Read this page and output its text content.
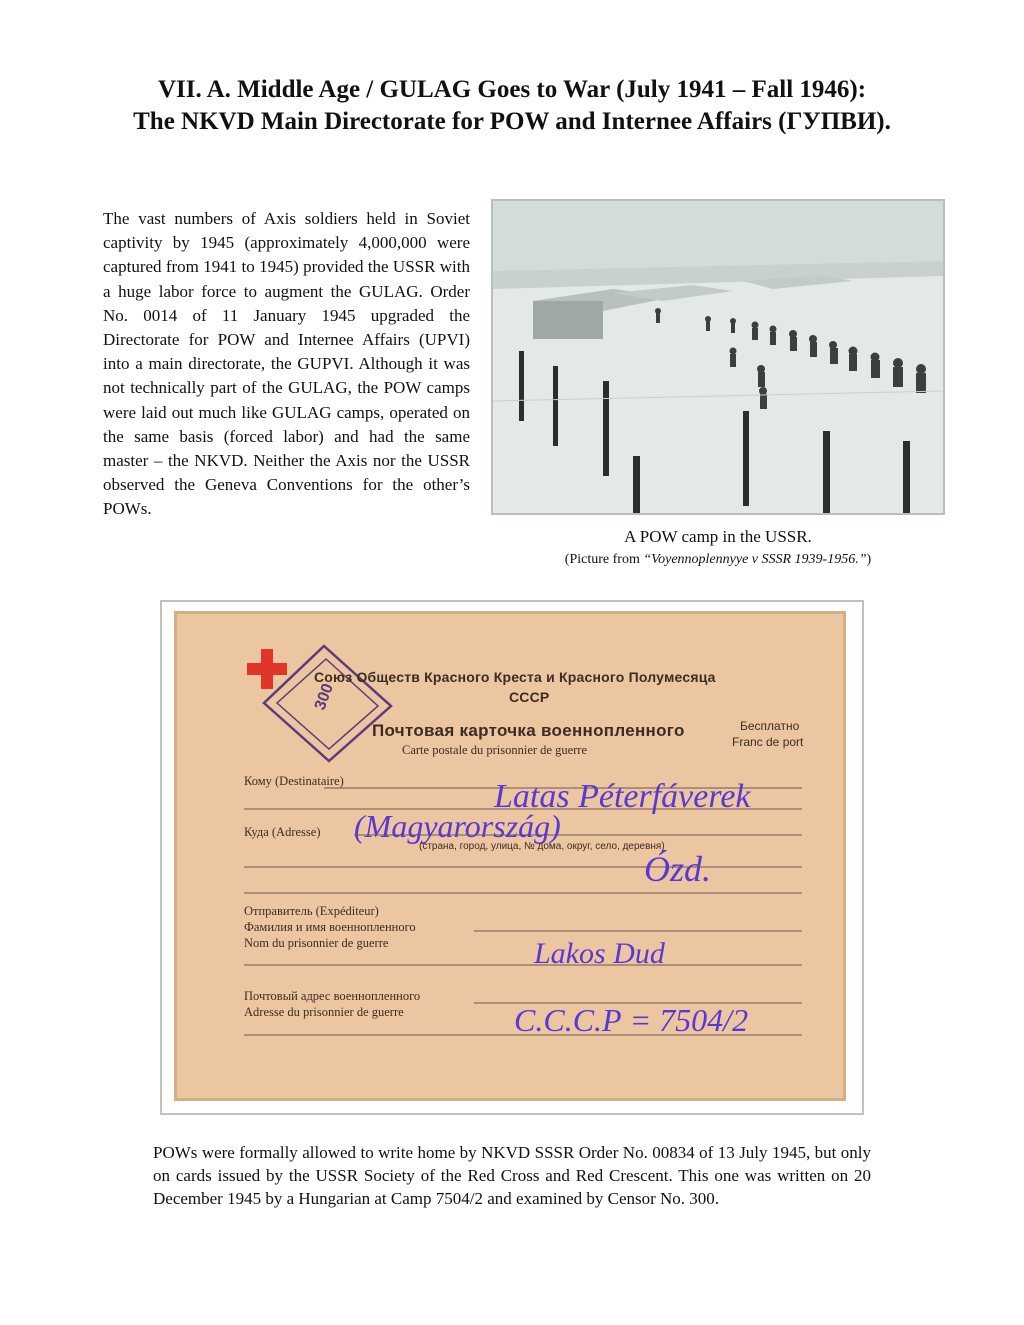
VII. A. Middle Age / GULAG Goes to War (July 1941 – Fall 1946):
The NKVD Main Directorate for POW and Internee Affairs (ГУПВИ).
The vast numbers of Axis soldiers held in Soviet captivity by 1945 (approximately 4,000,000 were captured from 1941 to 1945) provided the USSR with a huge labor force to augment the GULAG. Order No. 0014 of 11 January 1945 upgraded the Directorate for POW and Internee Affairs (UPVI) into a main directorate, the GUPVI. Although it was not technically part of the GULAG, the POW camps were laid out much like GULAG camps, operated on the same basis (forced labor) and had the same master – the NKVD. Neither the Axis nor the USSR observed the Geneva Conventions for the other’s POWs.
A POW camp in the USSR.
(Picture from “Voyennoplennyye v SSSR 1939-1956.”)
300
Latas Péterfáverek
(Magyarország)
Ózd.
Lakos Dud
С.С.С.Р = 7504/2
Союз Обществ Красного Креста и Красного Полумесяца
СССР
Почтовая карточка военнопленного
Carte postale du prisonnier de guerre
Бесплатно
Franc de port
Кому (Destinataire)
Куда (Adresse)
(страна, город, улица, № дома, округ, село, деревня)
Отправитель (Expéditeur)
Фамилия и имя военнопленного
Nom du prisonnier de guerre
Почтовый адрес военнопленного
Adresse du prisonnier de guerre
POWs were formally allowed to write home by NKVD SSSR Order No. 00834 of 13 July 1945, but only on cards issued by the USSR Society of the Red Cross and Red Crescent. This one was written on 20 December 1945 by a Hungarian at Camp 7504/2 and examined by Censor No. 300.
